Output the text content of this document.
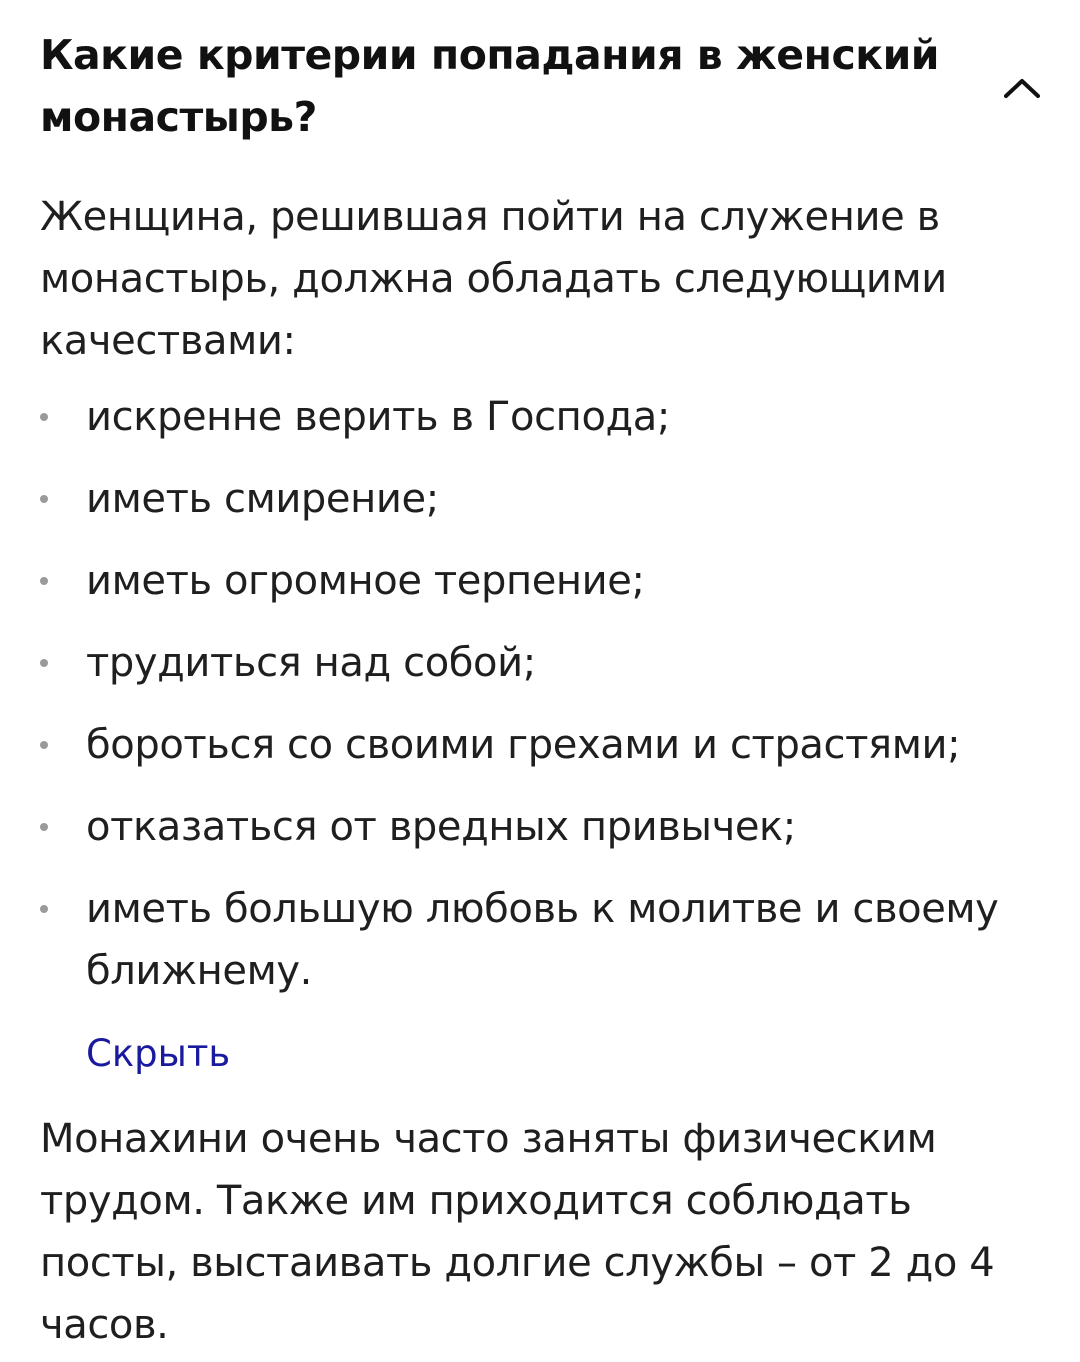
Какие критерии попадания в женский монастырь?

Женщина, решившая пойти на служение в монастырь, должна обладать следующими качествами:

искренне верить в Господа;
иметь смирение;
иметь огромное терпение;
трудиться над собой;
бороться со своими грехами и страстями;
отказаться от вредных привычек;
иметь большую любовь к молитве и своему ближнему.
Скрыть

Монахини очень часто заняты физическим трудом. Также им приходится соблюдать посты, выстаивать долгие службы – от 2 до 4 часов.
